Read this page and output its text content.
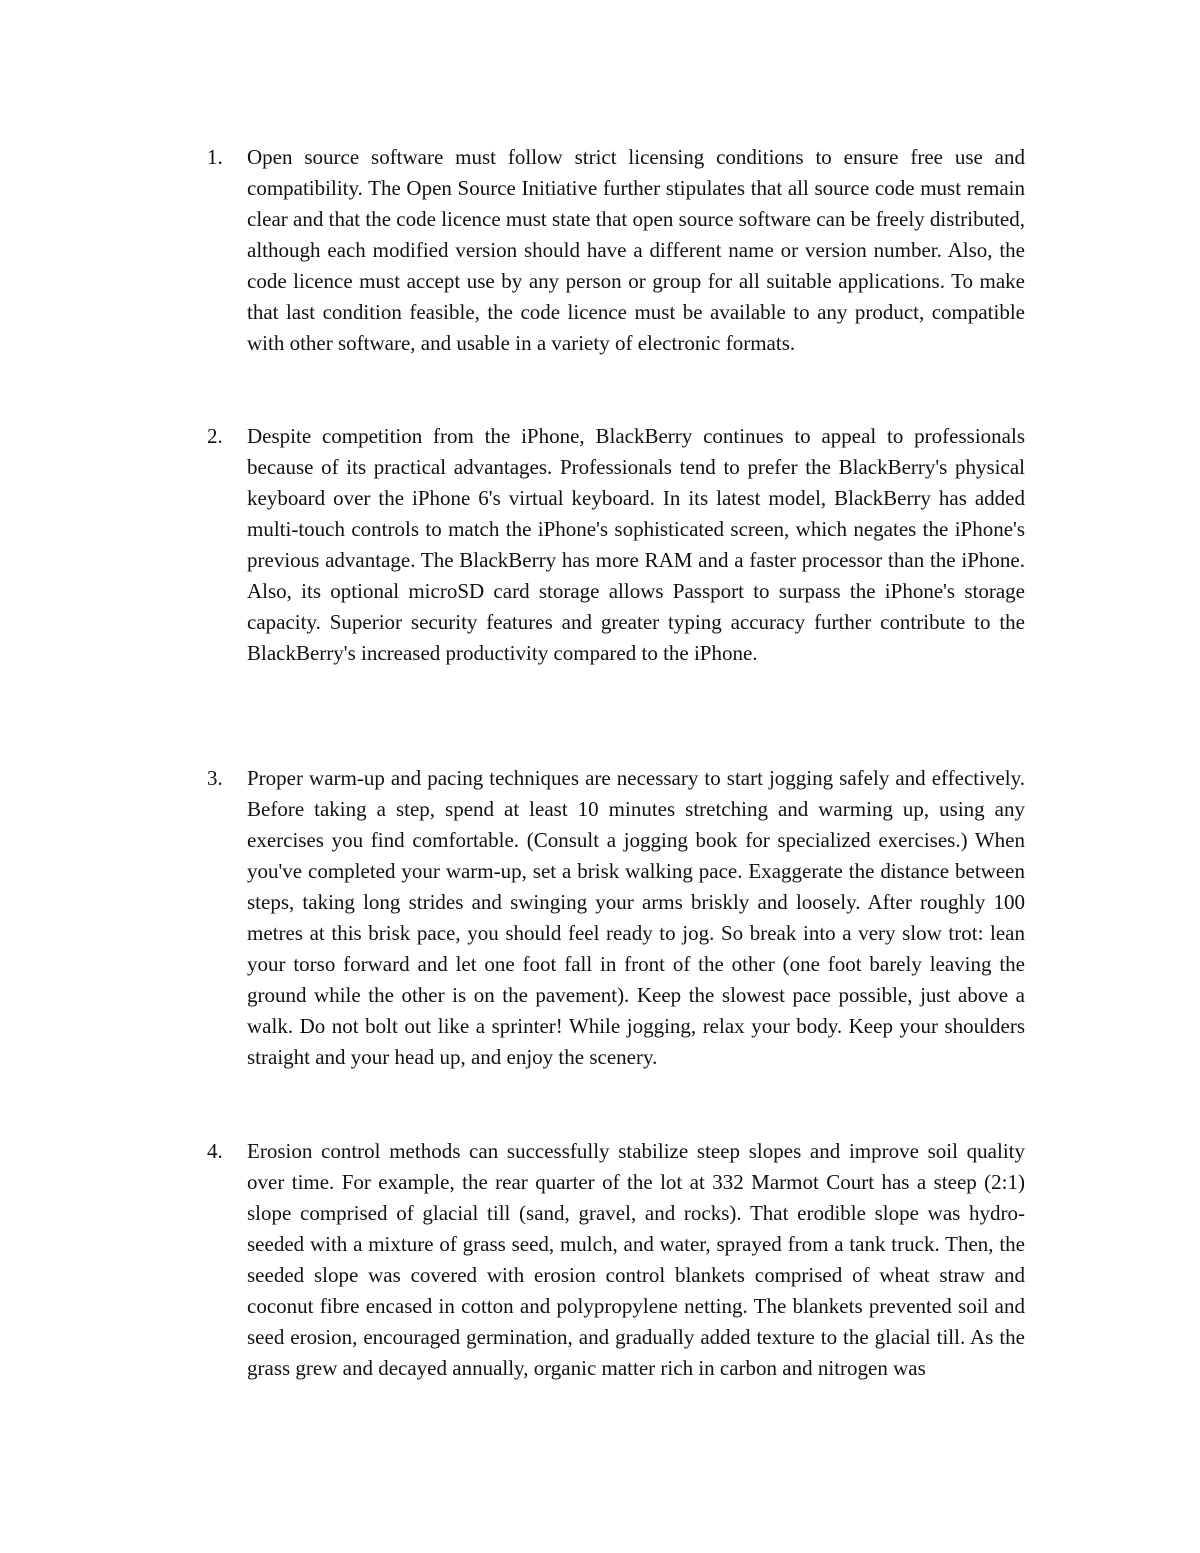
1.	Open source software must follow strict licensing conditions to ensure free use and compatibility. The Open Source Initiative further stipulates that all source code must remain clear and that the code licence must state that open source software can be freely distributed, although each modified version should have a different name or version number. Also, the code licence must accept use by any person or group for all suitable applications. To make that last condition feasible, the code licence must be available to any product, compatible with other software, and usable in a variety of electronic formats.
2.	Despite competition from the iPhone, BlackBerry continues to appeal to professionals because of its practical advantages. Professionals tend to prefer the BlackBerry's physical keyboard over the iPhone 6's virtual keyboard. In its latest model, BlackBerry has added multi-touch controls to match the iPhone's sophisticated screen, which negates the iPhone's previous advantage. The BlackBerry has more RAM and a faster processor than the iPhone. Also, its optional microSD card storage allows Passport to surpass the iPhone's storage capacity. Superior security features and greater typing accuracy further contribute to the BlackBerry's increased productivity compared to the iPhone.
3.	Proper warm-up and pacing techniques are necessary to start jogging safely and effectively. Before taking a step, spend at least 10 minutes stretching and warming up, using any exercises you find comfortable. (Consult a jogging book for specialized exercises.) When you've completed your warm-up, set a brisk walking pace. Exaggerate the distance between steps, taking long strides and swinging your arms briskly and loosely. After roughly 100 metres at this brisk pace, you should feel ready to jog. So break into a very slow trot: lean your torso forward and let one foot fall in front of the other (one foot barely leaving the ground while the other is on the pavement). Keep the slowest pace possible, just above a walk. Do not bolt out like a sprinter! While jogging, relax your body. Keep your shoulders straight and your head up, and enjoy the scenery.
4.	Erosion control methods can successfully stabilize steep slopes and improve soil quality over time. For example, the rear quarter of the lot at 332 Marmot Court has a steep (2:1) slope comprised of glacial till (sand, gravel, and rocks). That erodible slope was hydro-seeded with a mixture of grass seed, mulch, and water, sprayed from a tank truck. Then, the seeded slope was covered with erosion control blankets comprised of wheat straw and coconut fibre encased in cotton and polypropylene netting. The blankets prevented soil and seed erosion, encouraged germination, and gradually added texture to the glacial till. As the grass grew and decayed annually, organic matter rich in carbon and nitrogen was
